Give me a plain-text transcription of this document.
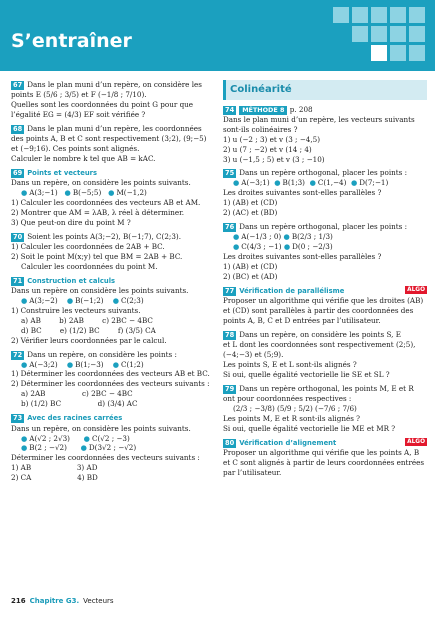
S’entraîner

67 Dans le plan muni d’un repère, on considère les

points E (5/6 ; 3/5) et F (−1/8 ; 7/10).

Quelles sont les coordonnées du point G pour que

l’égalité EG = (4/3) EF soit vérifiée ?

68 Dans le plan muni d’un repère, les coordonnées

des points A, B et C sont respectivement (3;2), (9;−5)

et (−9;16). Ces points sont alignés.

Calculer le nombre k tel que AB = kAC.

69 Points et vecteurs

Dans un repère, on considère les points suivants.

● A(3;−1) ● B(−5;5) ● M(−1,2)

1) Calculer les coordonnées des vecteurs AB et AM.

2) Montrer que AM = λAB, λ réel à déterminer.

3) Que peut-on dire du point M ?

70 Soient les points A(3;−2), B(−1;7), C(2;3).

1) Calculer les coordonnées de 2AB + BC.

2) Soit le point M(x;y) tel que BM = 2AB + BC.

Calculer les coordonnées du point M.

71 Construction et calculs

Dans un repère on considère les points suivants.

● A(3;−2) ● B(−1;2) ● C(2;3)

1) Construire les vecteurs suivants.

a) AB	b) 2AB	c) 2BC − 4BC

d) BC	e) (1/2) BC	f) (3/5) CA

2) Vérifier leurs coordonnées par le calcul.

72 Dans un repère, on considère les points :

● A(−3;2) ● B(1;−3) ● C(1;2)

1) Déterminer les coordonnées des vecteurs AB et BC.

2) Déterminer les coordonnées des vecteurs suivants :

a) 2AB	c) 2BC − 4BC

b) (1/2) BC	d) (3/4) AC

73 Avec des racines carrées

Dans un repère, on considère les points suivants.

● A(√2 ; 2√3) ● C(√2 ; −3)

● B(2 ; −√2) ● D(3√2 ; −√2)

Déterminer les coordonnées des vecteurs suivants :

1) AB	3) AD

2) CA	4) BD

Colinéarité

74 MÉTHODE 8 p. 208

Dans le plan muni d’un repère, les vecteurs suivants

sont-ils colinéaires ?

1) u (−2 ; 3) et v (3 ; −4,5)

2) u (7 ; −2) et v (14 ; 4)

3) u (−1,5 ; 5) et v (3 ; −10)

75 Dans un repère orthogonal, placer les points :

● A(−3;1) ● B(1;3) ● C(1,−4) ● D(7;−1)

Les droites suivantes sont-elles parallèles ?

1) (AB) et (CD)

2) (AC) et (BD)

76 Dans un repère orthogonal, placer les points :

● A(−1/3 ; 0) ● B(2/3 ; 1/3)

● C(4/3 ; −1) ● D(0 ; −2/3)

Les droites suivantes sont-elles parallèles ?

1) (AB) et (CD)

2) (BC) et (AD)

77 Vérification de parallélisme	ALGO

Proposer un algorithme qui vérifie que les droites (AB)

et (CD) sont parallèles à partir des coordonnées des

points A, B, C et D entrées par l’utilisateur.

78 Dans un repère, on considère les points S, E

et L dont les coordonnées sont respectivement (2;5),

(−4;−3) et (5;9).

Les points S, E et L sont-ils alignés ?

Si oui, quelle égalité vectorielle lie SE et SL ?

79 Dans un repère orthogonal, les points M, E et R

ont pour coordonnées respectives :

(2/3 ; −3/8) (5/9 ; 5/2) (−7/6 ; 7/6)

Les points M, E et R sont-ils alignés ?

Si oui, quelle égalité vectorielle lie ME et MR ?

80 Vérification d’alignement	ALGO

Proposer un algorithme qui vérifie que les points A, B

et C sont alignés à partir de leurs coordonnées entrées

par l’utilisateur.

216 Chapitre G3. Vecteurs
